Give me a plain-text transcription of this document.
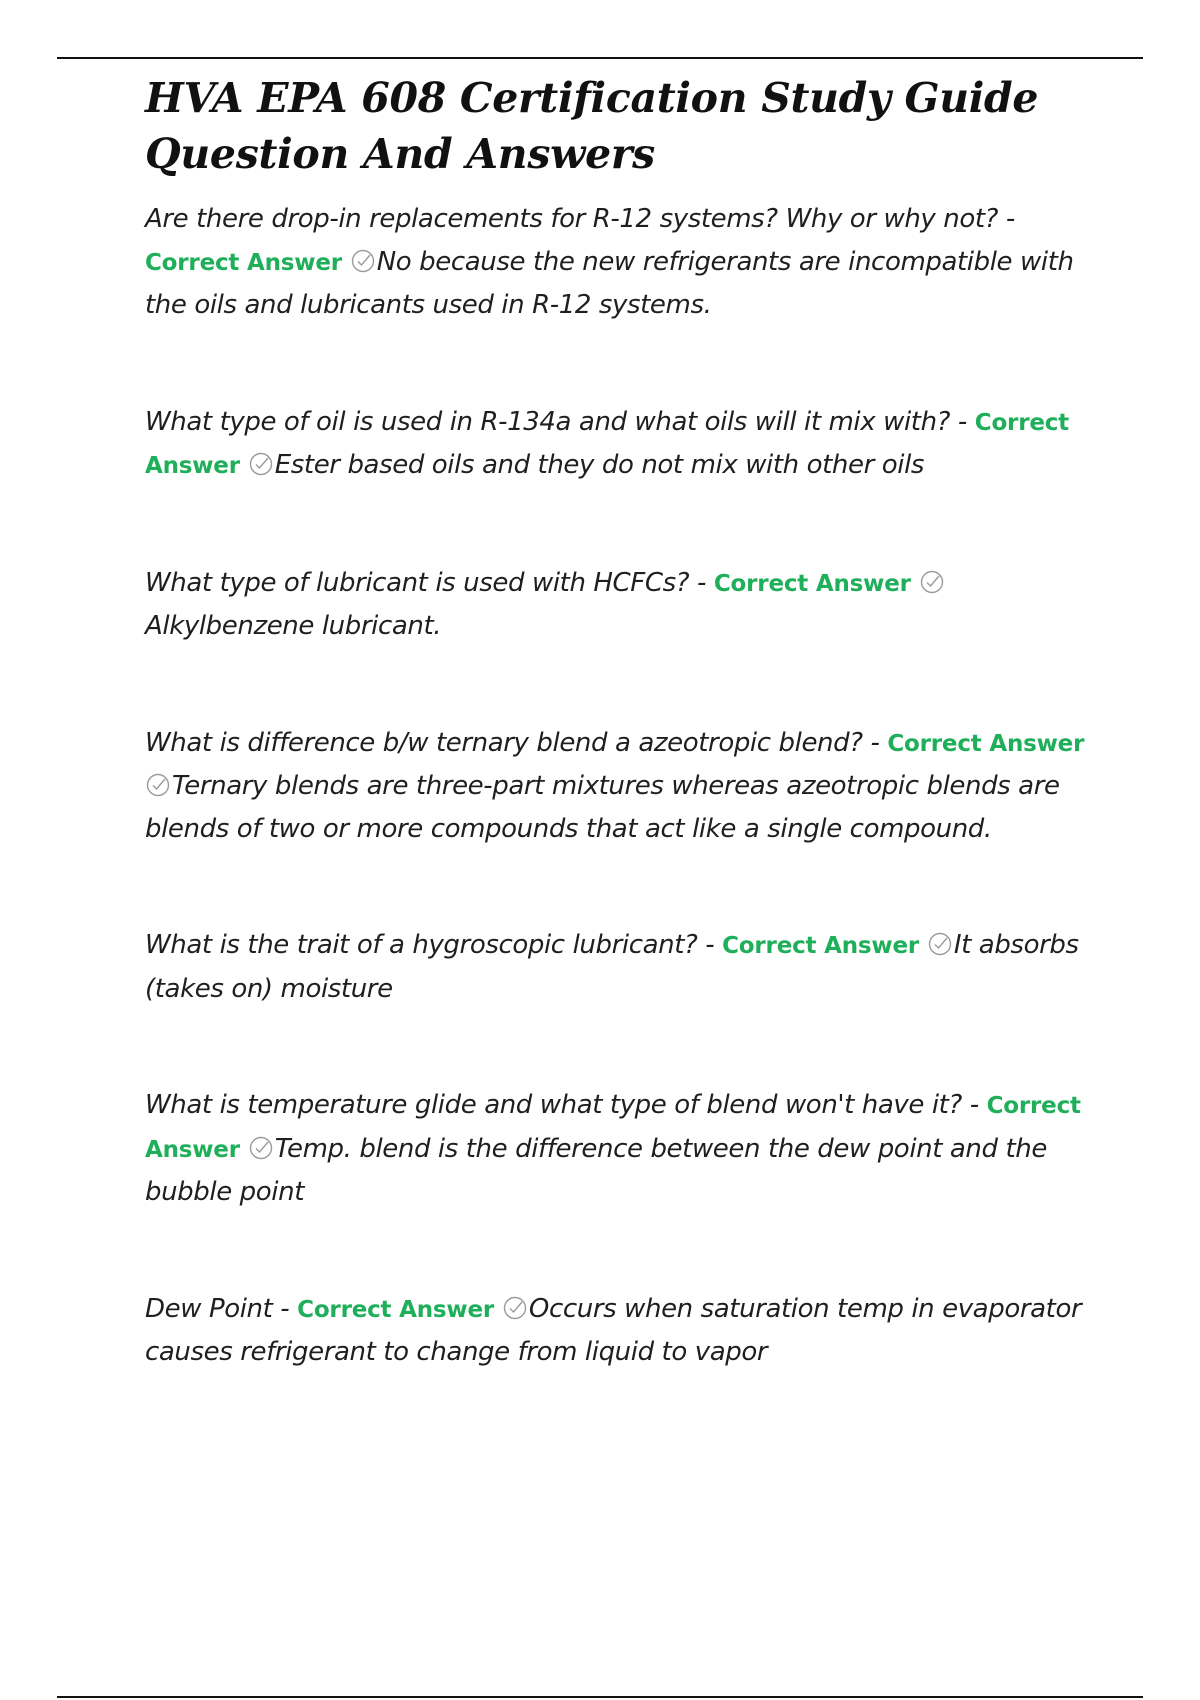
HVA EPA 608 Certification Study Guide Question And Answers

Are there drop-in replacements for R-12 systems? Why or why not? - Correct Answer No because the new refrigerants are incompatible with the oils and lubricants used in R-12 systems.

What type of oil is used in R-134a and what oils will it mix with? - Correct Answer Ester based oils and they do not mix with other oils

What type of lubricant is used with HCFCs? - Correct Answer
Alkylbenzene lubricant.

What is difference b/w ternary blend a azeotropic blend? - Correct Answer
Ternary blends are three-part mixtures whereas azeotropic blends are blends of two or more compounds that act like a single compound.

What is the trait of a hygroscopic lubricant? - Correct Answer It absorbs (takes on) moisture

What is temperature glide and what type of blend won't have it? - Correct Answer Temp. blend is the difference between the dew point and the bubble point

Dew Point - Correct Answer Occurs when saturation temp in evaporator causes refrigerant to change from liquid to vapor
